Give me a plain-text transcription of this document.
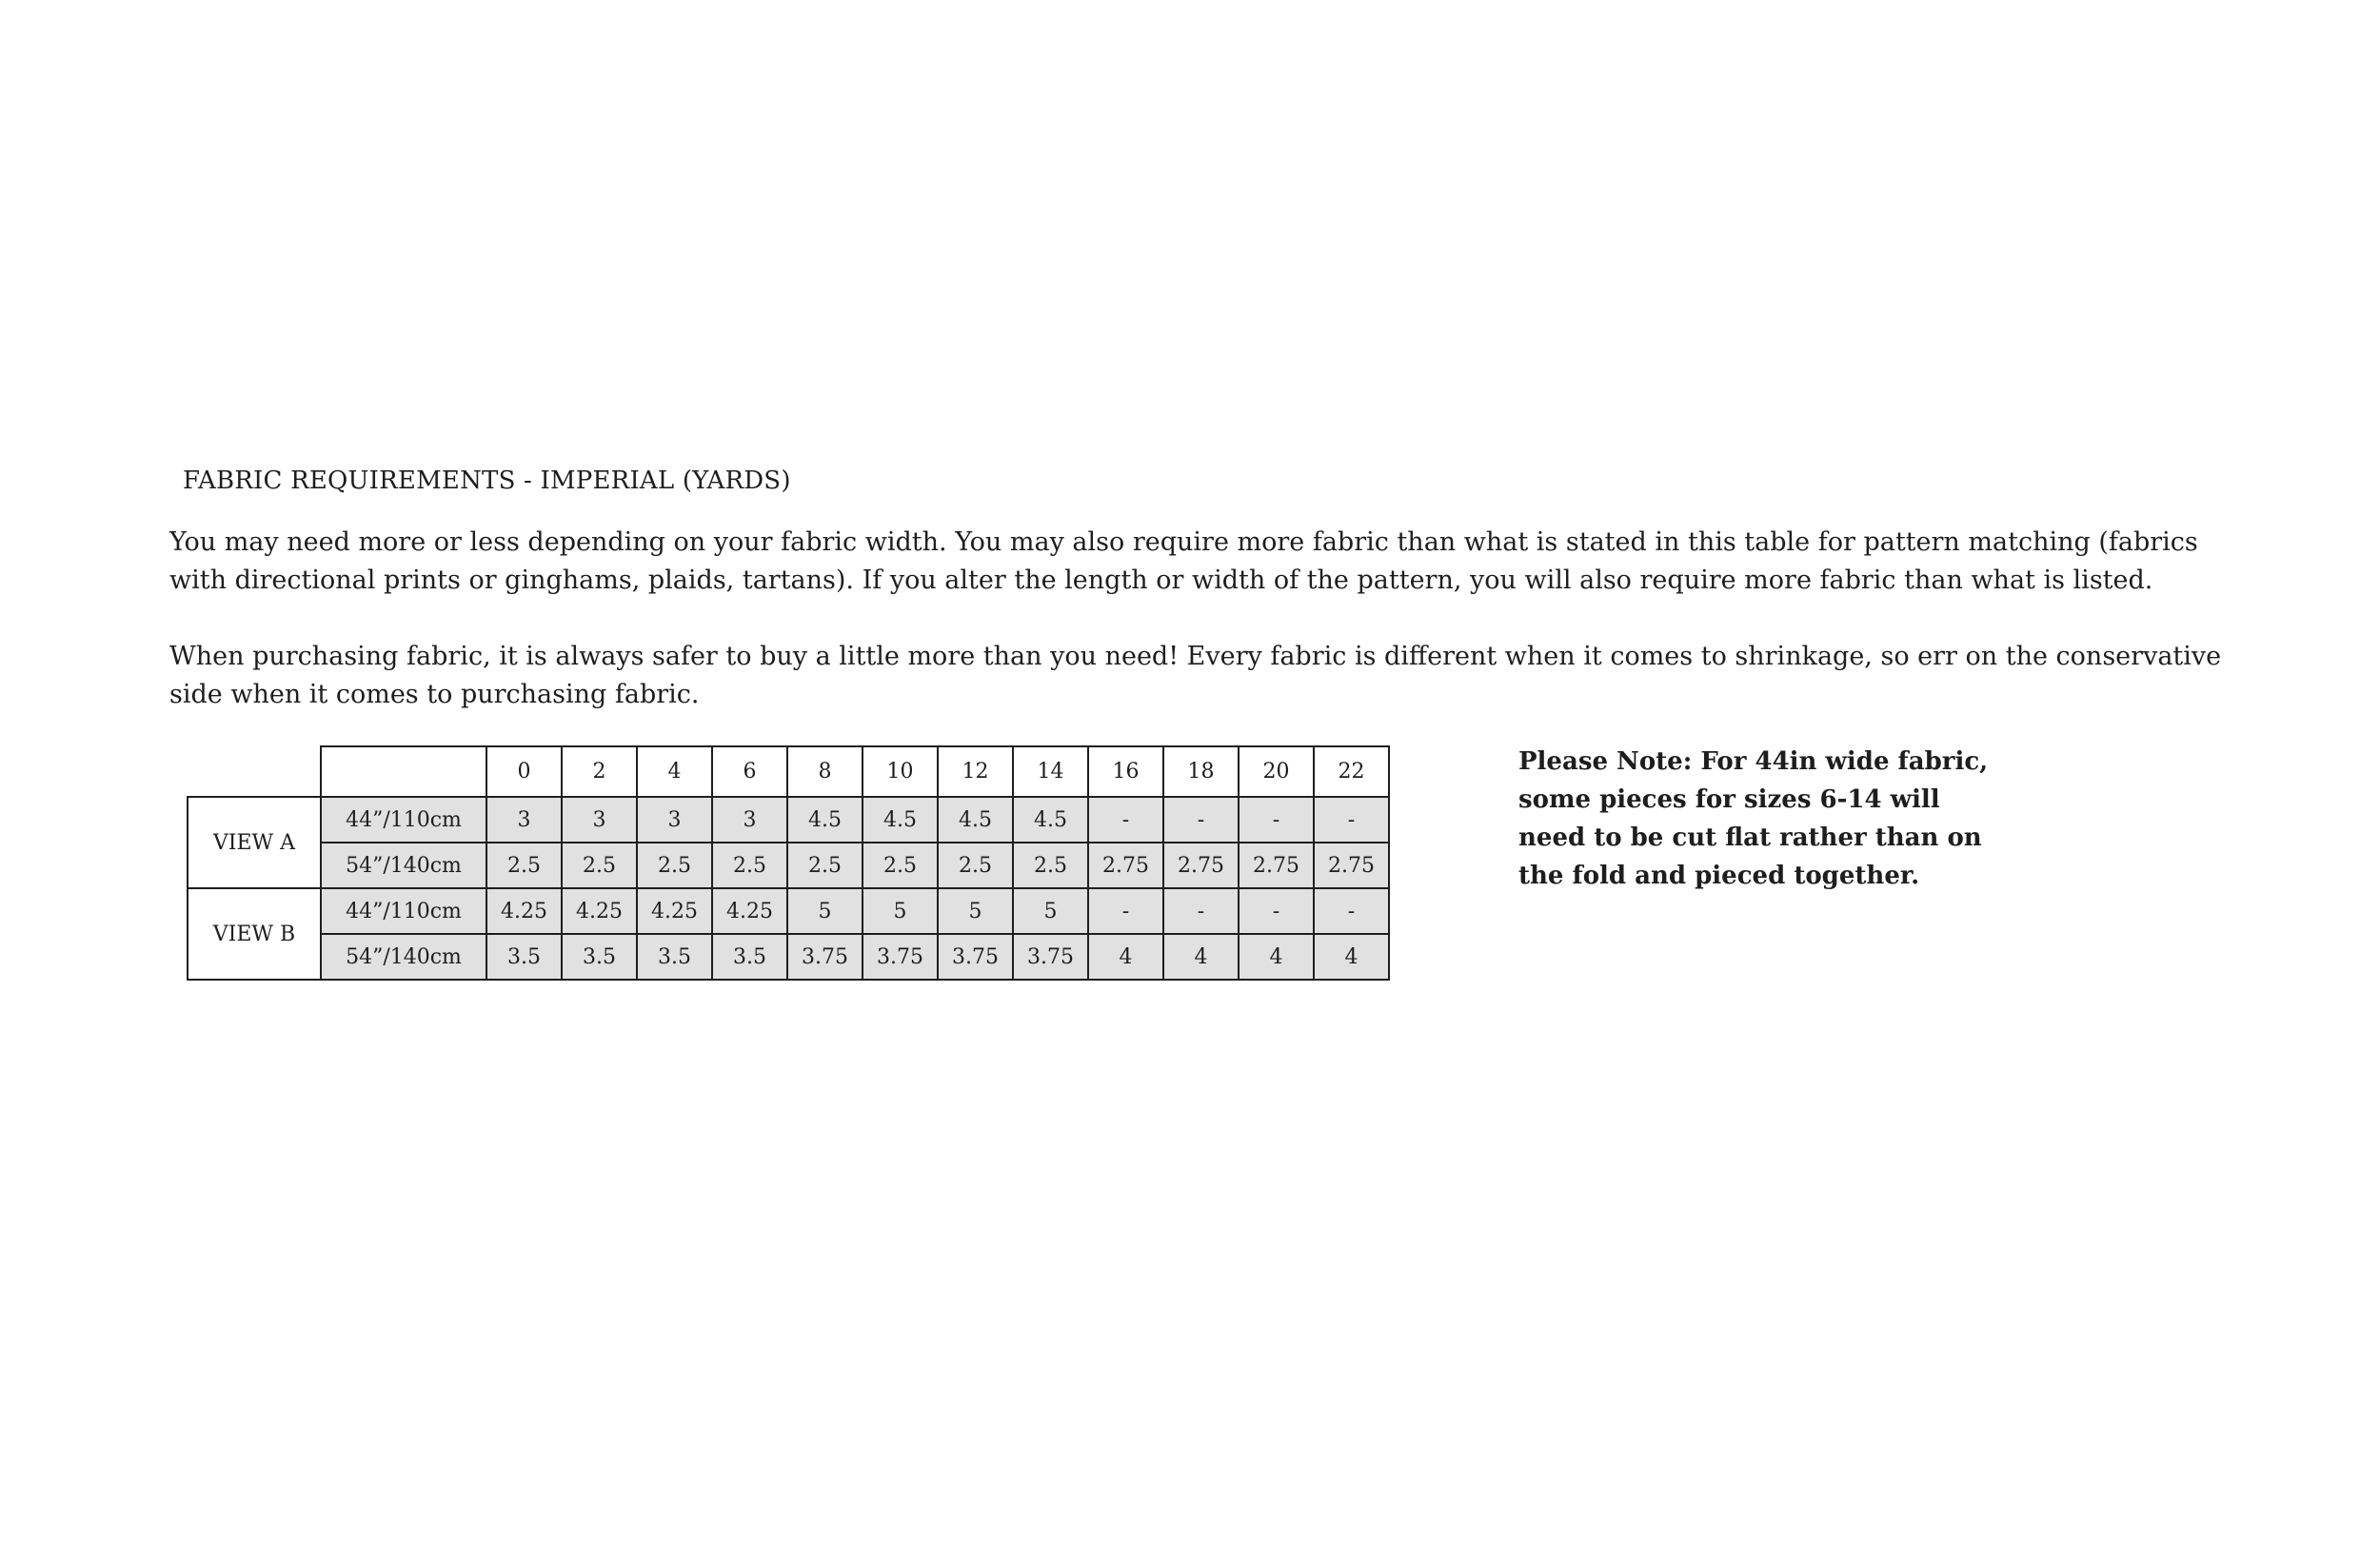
FABRIC REQUIREMENTS - IMPERIAL (YARDS)

You may need more or less depending on your fabric width. You may also require more fabric than what is stated in this table for pattern matching (fabrics with directional prints or ginghams, plaids, tartans). If you alter the length or width of the pattern, you will also require more fabric than what is listed.

When purchasing fabric, it is always safer to buy a little more than you need! Every fabric is different when it comes to shrinkage, so err on the conservative side when it comes to purchasing fabric.

		0	2	4	6	8	10	12	14	16	18	20	22
VIEW A	44”/110cm	3	3	3	3	4.5	4.5	4.5	4.5	-	-	-	-
	54”/140cm	2.5	2.5	2.5	2.5	2.5	2.5	2.5	2.5	2.75	2.75	2.75	2.75
VIEW B	44”/110cm	4.25	4.25	4.25	4.25	5	5	5	5	-	-	-	-
	54”/140cm	3.5	3.5	3.5	3.5	3.75	3.75	3.75	3.75	4	4	4	4

Please Note: For 44in wide fabric, some pieces for sizes 6-14 will need to be cut flat rather than on the fold and pieced together.
